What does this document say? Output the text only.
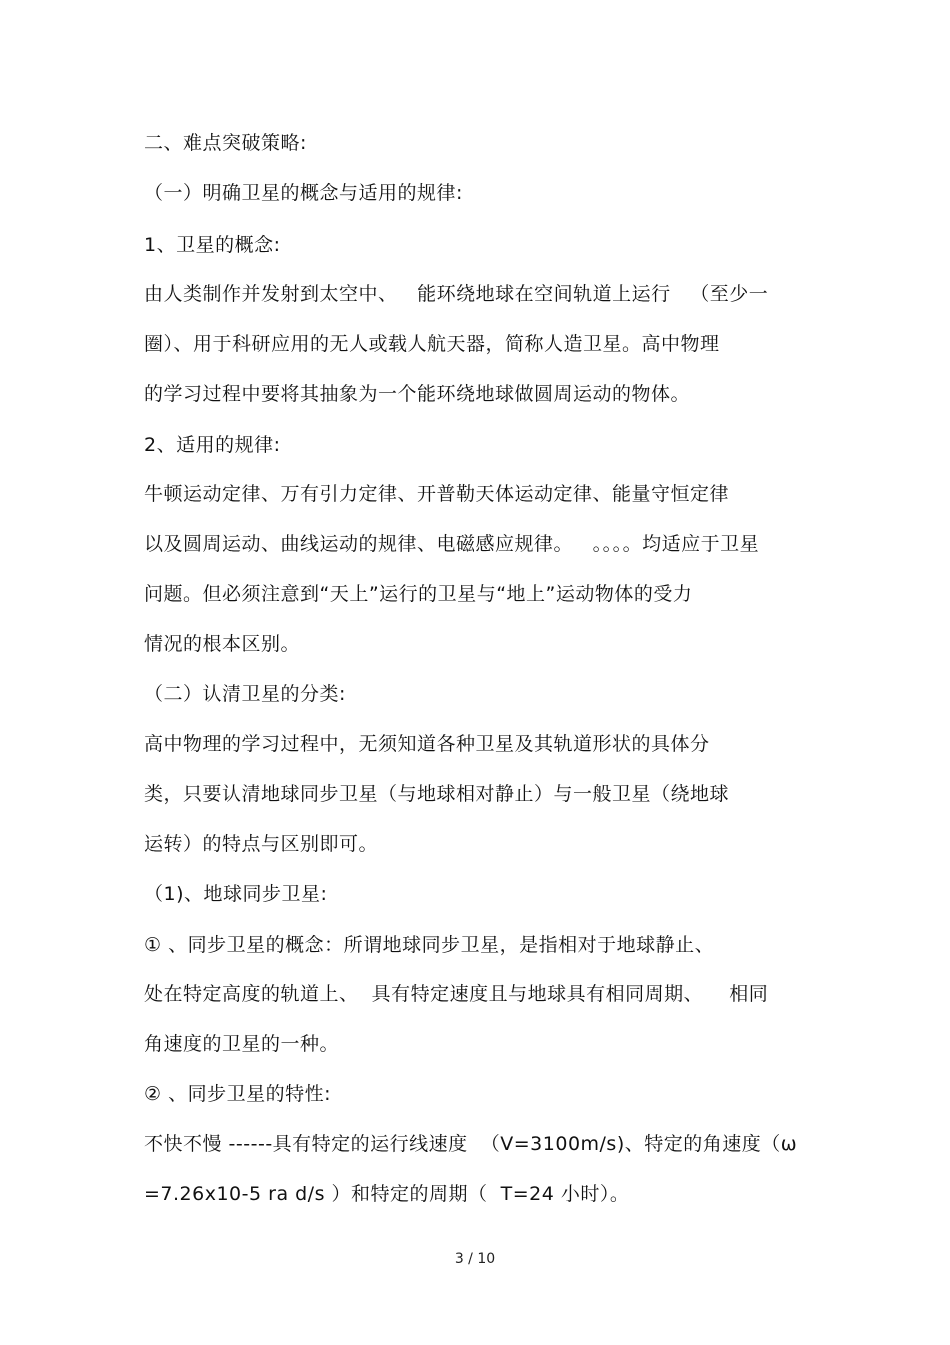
二、难点突破策略:
（一）明确卫星的概念与适用的规律:
1、卫星的概念:
由人类制作并发射到太空中、   能环绕地球在空间轨道上运行   （至少一
圈）、用于科研应用的无人或载人航天器，简称人造卫星。高中物理
的学习过程中要将其抽象为一个能环绕地球做圆周运动的物体。
2、适用的规律:
牛顿运动定律、万有引力定律、开普勒天体运动定律、能量守恒定律
以及圆周运动、曲线运动的规律、电磁感应规律。   。。。。均适应于卫星
问题。但必须注意到“天上”运行的卫星与“地上”运动物体的受力
情况的根本区别。
（二）认清卫星的分类:
高中物理的学习过程中，无须知道各种卫星及其轨道形状的具体分
类，只要认清地球同步卫星（与地球相对静止）与一般卫星（绕地球
运转）的特点与区别即可。
（1)、地球同步卫星:
① 、同步卫星的概念：所谓地球同步卫星，是指相对于地球静止、
处在特定高度的轨道上、  具有特定速度且与地球具有相同周期、    相同
角速度的卫星的一种。
② 、同步卫星的特性:
不快不慢 ------具有特定的运行线速度  （V=3100m/s)、特定的角速度（ω
=7.26x10-5 ra d/s ）和特定的周期（  T=24 小时）。
3 / 10
